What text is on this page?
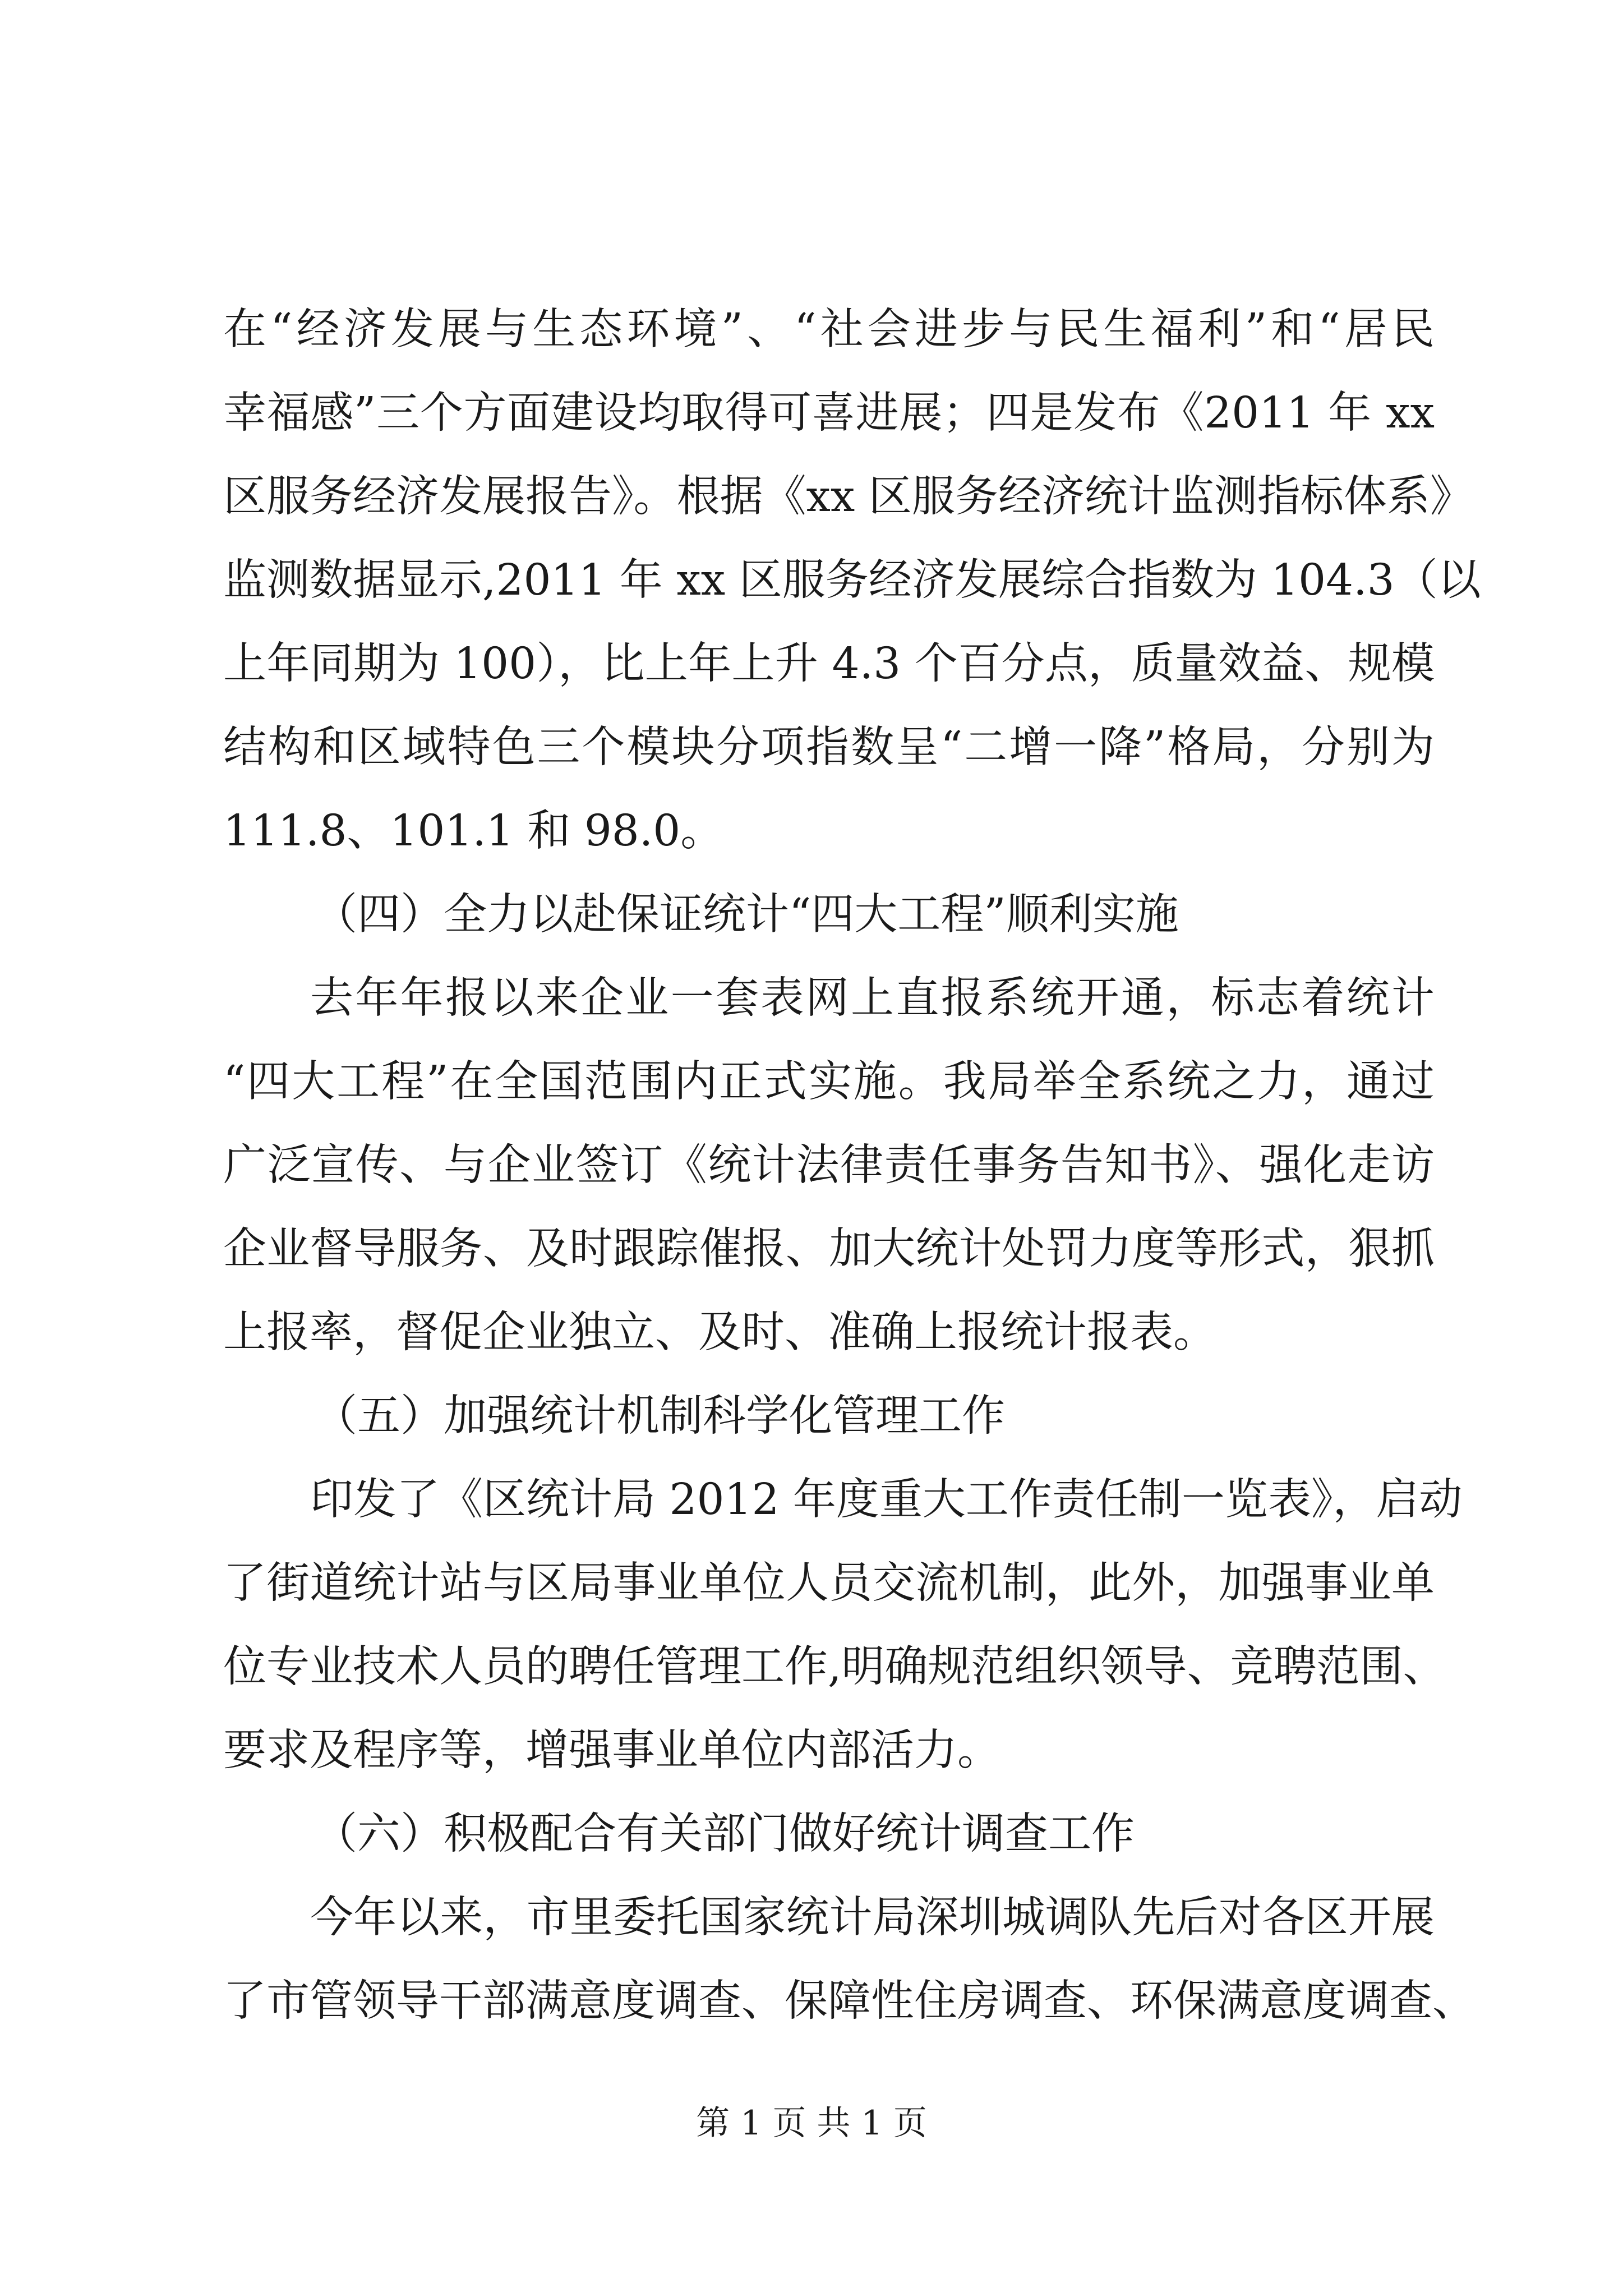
在“经济发展与生态环境”、“社会进步与民生福利”和“居民
幸福感”三个方面建设均取得可喜进展；四是发布《2011 年 xx
区服务经济发展报告》。根据《xx 区服务经济统计监测指标体系》
监测数据显示,2011 年 xx 区服务经济发展综合指数为 104.3（以
上年同期为 100），比上年上升 4.3 个百分点，质量效益、规模
结构和区域特色三个模块分项指数呈“二增一降”格局，分别为
111.8、101.1 和 98.0。
（四）全力以赴保证统计“四大工程”顺利实施
去年年报以来企业一套表网上直报系统开通，标志着统计
“四大工程”在全国范围内正式实施。我局举全系统之力，通过
广泛宣传、与企业签订《统计法律责任事务告知书》、强化走访
企业督导服务、及时跟踪催报、加大统计处罚力度等形式，狠抓
上报率，督促企业独立、及时、准确上报统计报表。
（五）加强统计机制科学化管理工作
印发了《区统计局 2012 年度重大工作责任制一览表》，启动
了街道统计站与区局事业单位人员交流机制，此外，加强事业单
位专业技术人员的聘任管理工作,明确规范组织领导、竞聘范围、
要求及程序等，增强事业单位内部活力。
（六）积极配合有关部门做好统计调查工作
今年以来，市里委托国家统计局深圳城调队先后对各区开展
了市管领导干部满意度调查、保障性住房调查、环保满意度调查、
第 1 页 共 1 页
